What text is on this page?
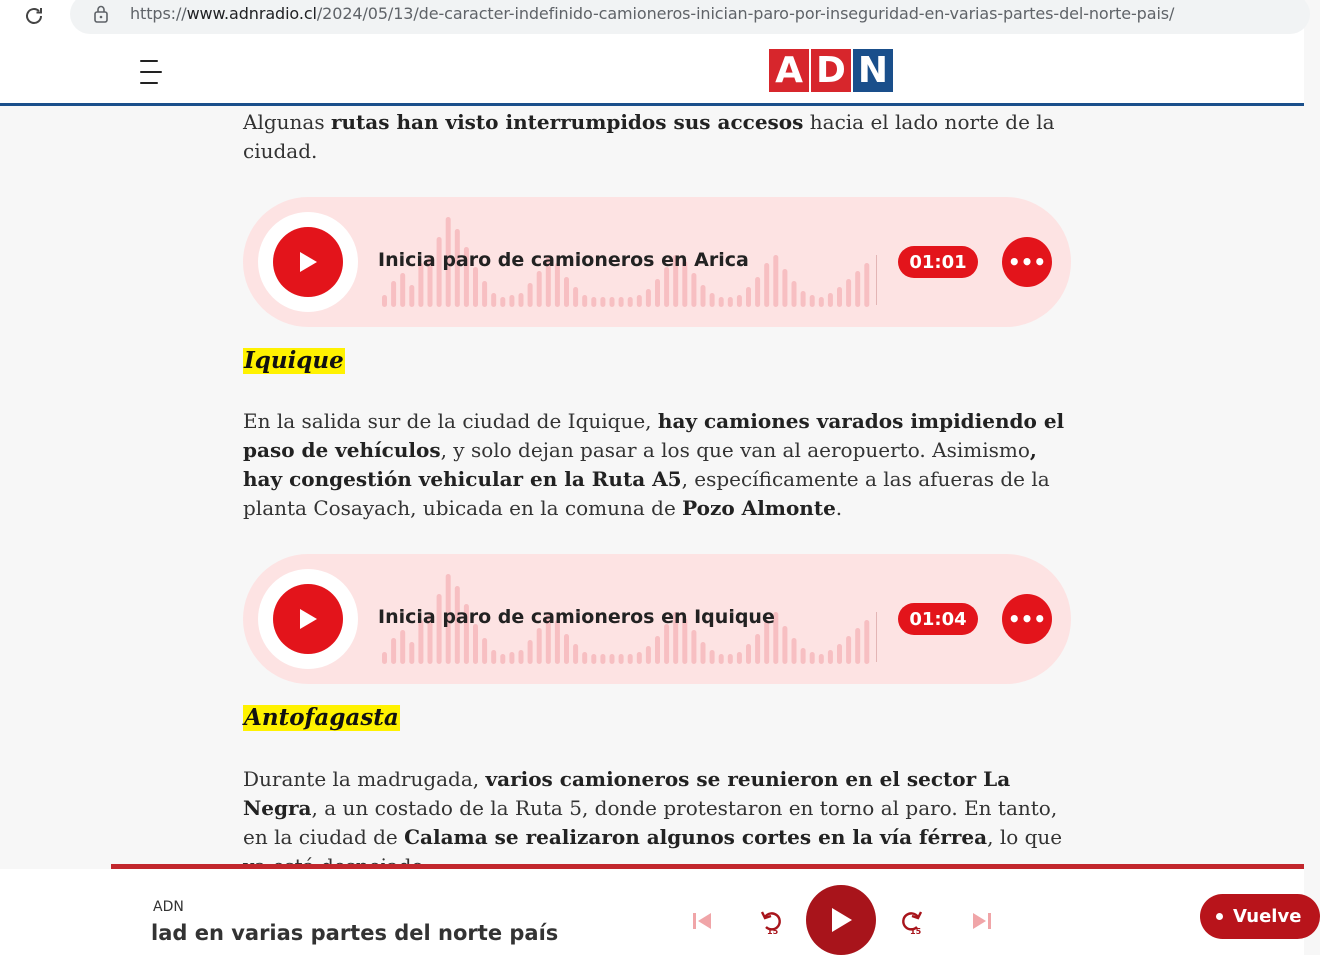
https://www.adnradio.cl/2024/05/13/de-caracter-indefinido-camioneros-inician-paro-por-inseguridad-en-varias-partes-del-norte-pais/
A D N

Algunas rutas han visto interrumpidos sus accesos hacia el lado norte de la ciudad.

Inicia paro de camioneros en Arica	01:01	•••
Iquique

En la salida sur de la ciudad de Iquique, hay camiones varados impidiendo el paso de vehículos, y solo dejan pasar a los que van al aeropuerto. Asimismo, hay congestión vehicular en la Ruta A5, específicamente a las afueras de la planta Cosayach, ubicada en la comuna de Pozo Almonte.

Inicia paro de camioneros en Iquique	01:04	•••
Antofagasta

Durante la madrugada, varios camioneros se reunieron en el sector La Negra, a un costado de la Ruta 5, donde protestaron en torno al paro. En tanto, en la ciudad de Calama se realizaron algunos cortes en la vía férrea, lo que

ADN
lad en varias partes del norte país	15	15
Vuelve
